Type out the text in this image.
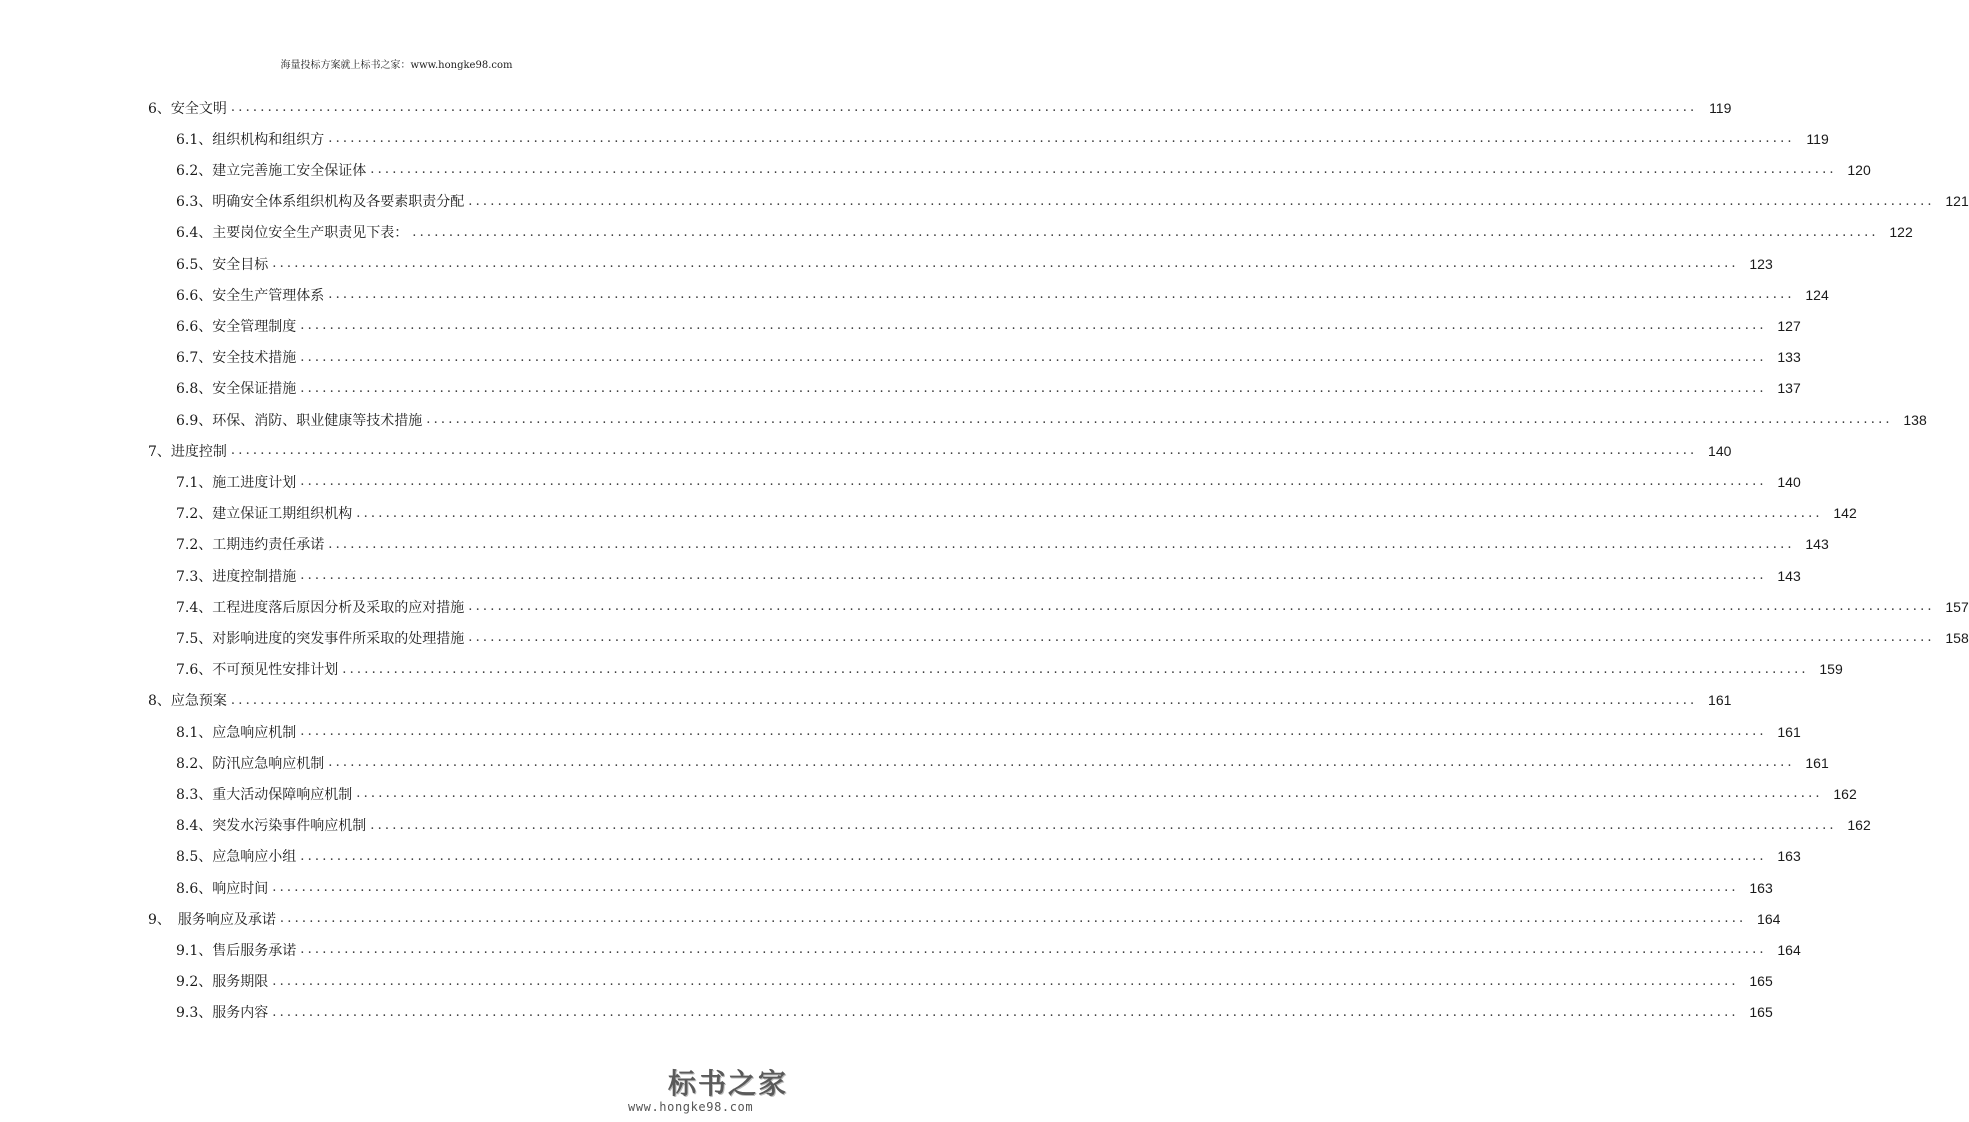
海量投标方案就上标书之家：www.hongke98.com
6、安全文明 ........................................................................................................................................................................................................ 119
6.1、组织机构和组织方 ........................................................................................................................................................................................................ 119
6.2、建立完善施工安全保证体 ........................................................................................................................................................................................................ 120
6.3、明确安全体系组织机构及各要素职责分配 ........................................................................................................................................................................................................ 121
6.4、主要岗位安全生产职责见下表： ........................................................................................................................................................................................................ 122
6.5、安全目标 ........................................................................................................................................................................................................ 123
6.6、安全生产管理体系 ........................................................................................................................................................................................................ 124
6.6、安全管理制度 ........................................................................................................................................................................................................ 127
6.7、安全技术措施 ........................................................................................................................................................................................................ 133
6.8、安全保证措施 ........................................................................................................................................................................................................ 137
6.9、环保、消防、职业健康等技术措施 ........................................................................................................................................................................................................ 138
7、进度控制 ........................................................................................................................................................................................................ 140
7.1、施工进度计划 ........................................................................................................................................................................................................ 140
7.2、建立保证工期组织机构 ........................................................................................................................................................................................................ 142
7.2、工期违约责任承诺 ........................................................................................................................................................................................................ 143
7.3、进度控制措施 ........................................................................................................................................................................................................ 143
7.4、工程进度落后原因分析及采取的应对措施 ........................................................................................................................................................................................................ 157
7.5、对影响进度的突发事件所采取的处理措施 ........................................................................................................................................................................................................ 158
7.6、不可预见性安排计划 ........................................................................................................................................................................................................ 159
8、应急预案 ........................................................................................................................................................................................................ 161
8.1、应急响应机制 ........................................................................................................................................................................................................ 161
8.2、防汛应急响应机制 ........................................................................................................................................................................................................ 161
8.3、重大活动保障响应机制 ........................................................................................................................................................................................................ 162
8.4、突发水污染事件响应机制 ........................................................................................................................................................................................................ 162
8.5、应急响应小组 ........................................................................................................................................................................................................ 163
8.6、响应时间 ........................................................................................................................................................................................................ 163
9、　服务响应及承诺 ........................................................................................................................................................................................................ 164
9.1、售后服务承诺 ........................................................................................................................................................................................................ 164
9.2、服务期限 ........................................................................................................................................................................................................ 165
9.3、服务内容 ........................................................................................................................................................................................................ 165
标书之家
www.hongke98.com
